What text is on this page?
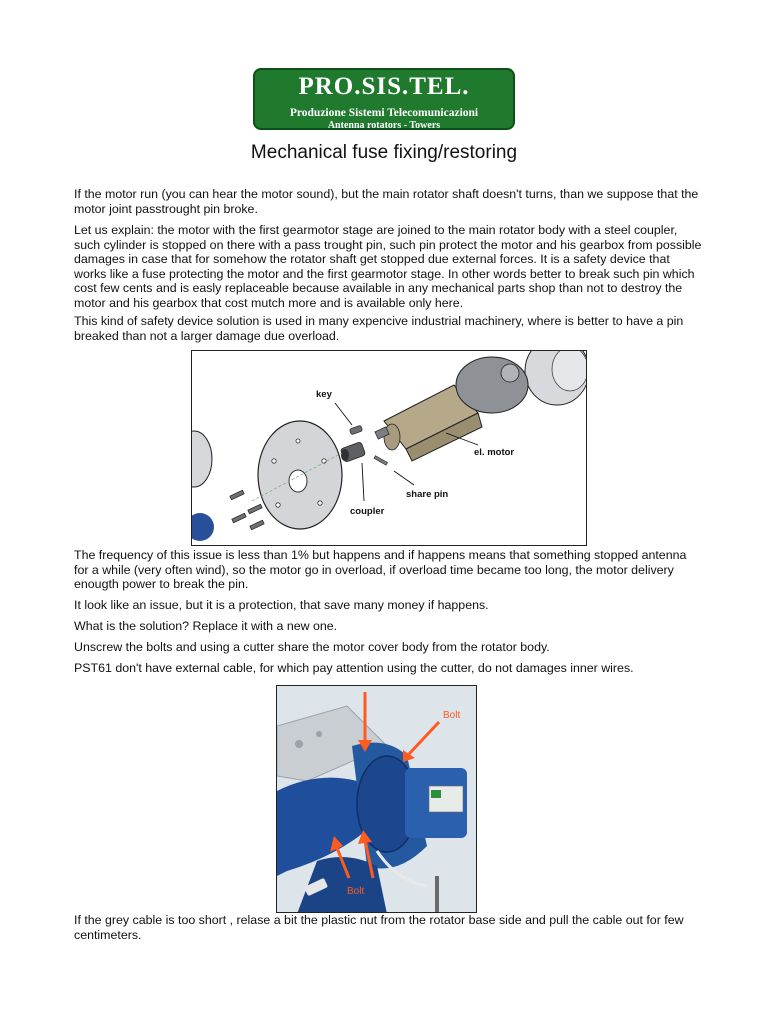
PRO.SIS.TEL.
Produzione Sistemi Telecomunicazioni
Antenna rotators - Towers
Mechanical fuse fixing/restoring

If the motor run (you can hear the motor sound), but the main rotator shaft doesn't turns, than we suppose that the motor joint passtrought pin broke.

Let us explain: the motor with the first gearmotor stage are joined to the main rotator body with a steel coupler, such cylinder is stopped on there with a pass trought pin, such pin protect the motor and his gearbox from possible damages in case that for somehow the rotator shaft get stopped due external forces. It is a safety device that works like a fuse protecting the motor and the first gearmotor stage. In other words better to break such pin which cost few cents and is easly replaceable because available in any mechanical parts shop than not to destroy the motor and his gearbox that cost mutch more and is available only here.

This kind of safety device solution is used in many expencive industrial machinery, where is better to have a pin breaked than not a larger damage due overload.

key
el. motor
share pin
coupler

The frequency of this issue is less than 1% but happens and if happens means that something stopped antenna for a while (very often wind), so the motor go in overload, if overload time became too long, the motor delivery enougth power to break the pin.

It look like an issue, but it is a protection, that save many money if happens.

What is the solution? Replace it with a new one.

Unscrew the bolts and using a cutter share the motor cover body from the rotator body.

PST61 don't have external cable, for which pay attention using the cutter, do not damages inner wires.

Bolt
Bolt

If the grey cable is too short , relase a bit the plastic nut from the rotator base side and pull the cable out for few centimeters.
